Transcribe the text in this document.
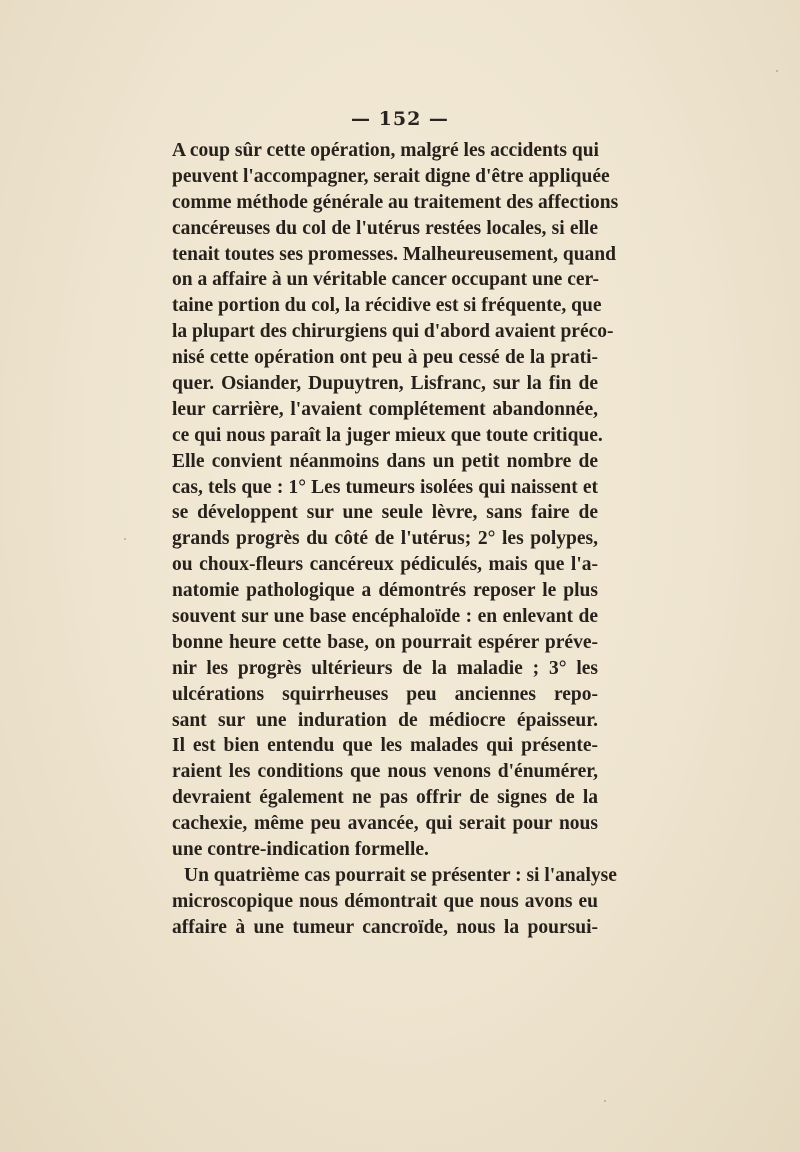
— 152 —
A coup sûr cette opération, malgré les accidents qui
peuvent l'accompagner, serait digne d'être appliquée
comme méthode générale au traitement des affections
cancéreuses du col de l'utérus restées locales, si elle
tenait toutes ses promesses. Malheureusement, quand
on a affaire à un véritable cancer occupant une cer-
taine portion du col, la récidive est si fréquente, que
la plupart des chirurgiens qui d'abord avaient préco-
nisé cette opération ont peu à peu cessé de la prati-
quer. Osiander, Dupuytren, Lisfranc, sur la fin de
leur carrière, l'avaient complétement abandonnée,
ce qui nous paraît la juger mieux que toute critique.
Elle convient néanmoins dans un petit nombre de
cas, tels que : 1° Les tumeurs isolées qui naissent et
se développent sur une seule lèvre, sans faire de
grands progrès du côté de l'utérus; 2° les polypes,
ou choux-fleurs cancéreux pédiculés, mais que l'a-
natomie pathologique a démontrés reposer le plus
souvent sur une base encéphaloïde : en enlevant de
bonne heure cette base, on pourrait espérer préve-
nir les progrès ultérieurs de la maladie ; 3° les
ulcérations squirrheuses peu anciennes repo-
sant sur une induration de médiocre épaisseur.
Il est bien entendu que les malades qui présente-
raient les conditions que nous venons d'énumérer,
devraient également ne pas offrir de signes de la
cachexie, même peu avancée, qui serait pour nous
une contre-indication formelle.
Un quatrième cas pourrait se présenter : si l'analyse
microscopique nous démontrait que nous avons eu
affaire à une tumeur cancroïde, nous la poursui-
